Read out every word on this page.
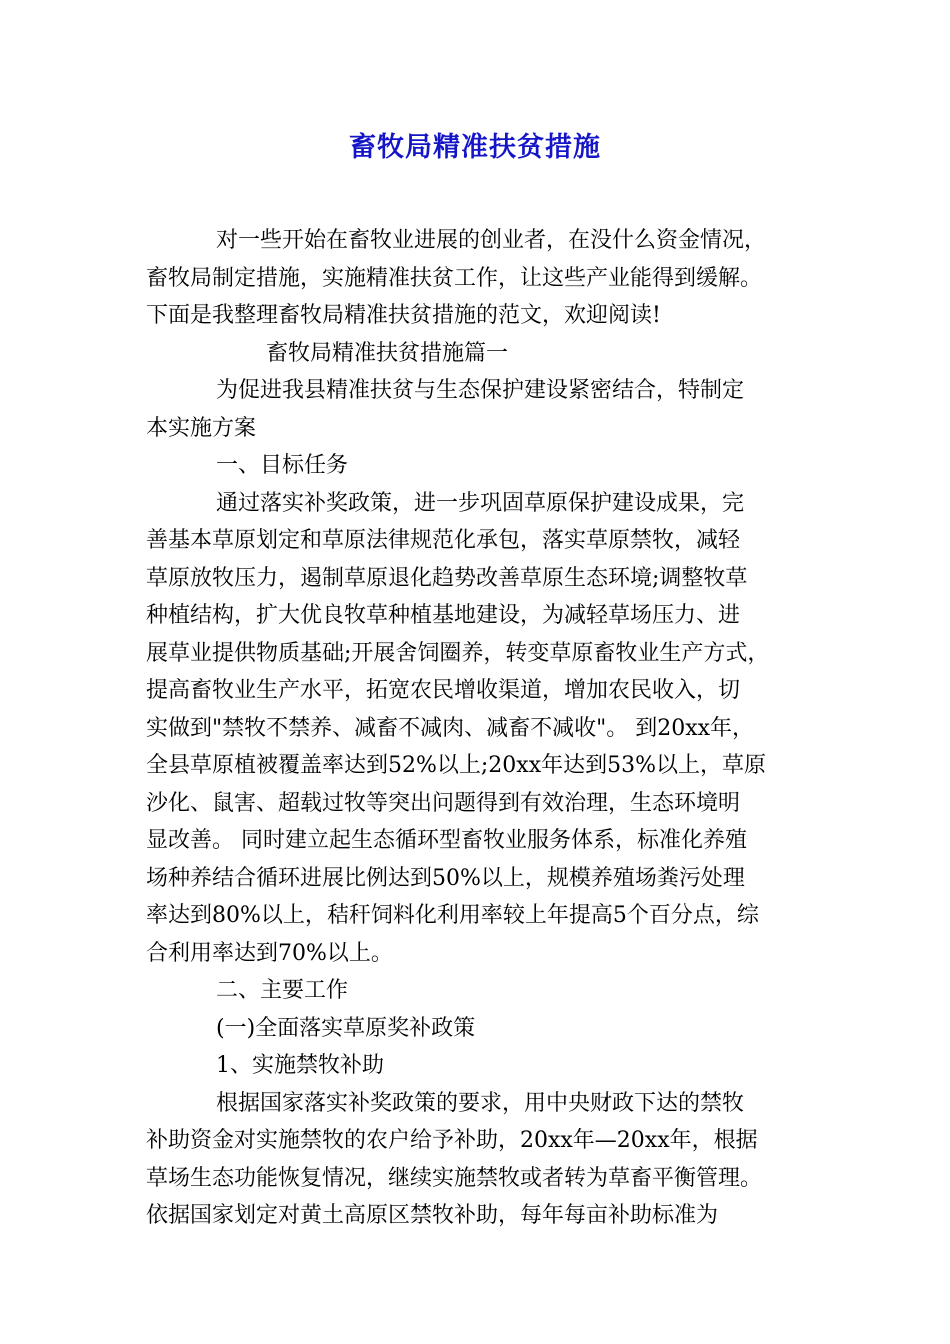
畜牧局精准扶贫措施

对一些开始在畜牧业进展的创业者，在没什么资金情况，

畜牧局制定措施，实施精准扶贫工作，让这些产业能得到缓解。

下面是我整理畜牧局精准扶贫措施的范文，欢迎阅读!

畜牧局精准扶贫措施篇一

为促进我县精准扶贫与生态保护建设紧密结合，特制定

本实施方案

一、目标任务

通过落实补奖政策，进一步巩固草原保护建设成果，完

善基本草原划定和草原法律规范化承包，落实草原禁牧，减轻

草原放牧压力，遏制草原退化趋势改善草原生态环境;调整牧草

种植结构，扩大优良牧草种植基地建设，为减轻草场压力、进

展草业提供物质基础;开展舍饲圈养，转变草原畜牧业生产方式，

提高畜牧业生产水平，拓宽农民增收渠道，增加农民收入，切

实做到"禁牧不禁养、减畜不减肉、减畜不减收"。 到20xx年，

全县草原植被覆盖率达到52%以上;20xx年达到53%以上，草原

沙化、鼠害、超载过牧等突出问题得到有效治理，生态环境明

显改善。 同时建立起生态循环型畜牧业服务体系，标准化养殖

场种养结合循环进展比例达到50%以上，规模养殖场粪污处理

率达到80%以上，秸秆饲料化利用率较上年提高5个百分点，综

合利用率达到70%以上。

二、主要工作

(一)全面落实草原奖补政策

1、实施禁牧补助

根据国家落实补奖政策的要求，用中央财政下达的禁牧

补助资金对实施禁牧的农户给予补助，20xx年—20xx年，根据

草场生态功能恢复情况，继续实施禁牧或者转为草畜平衡管理。

依据国家划定对黄土高原区禁牧补助，每年每亩补助标准为
